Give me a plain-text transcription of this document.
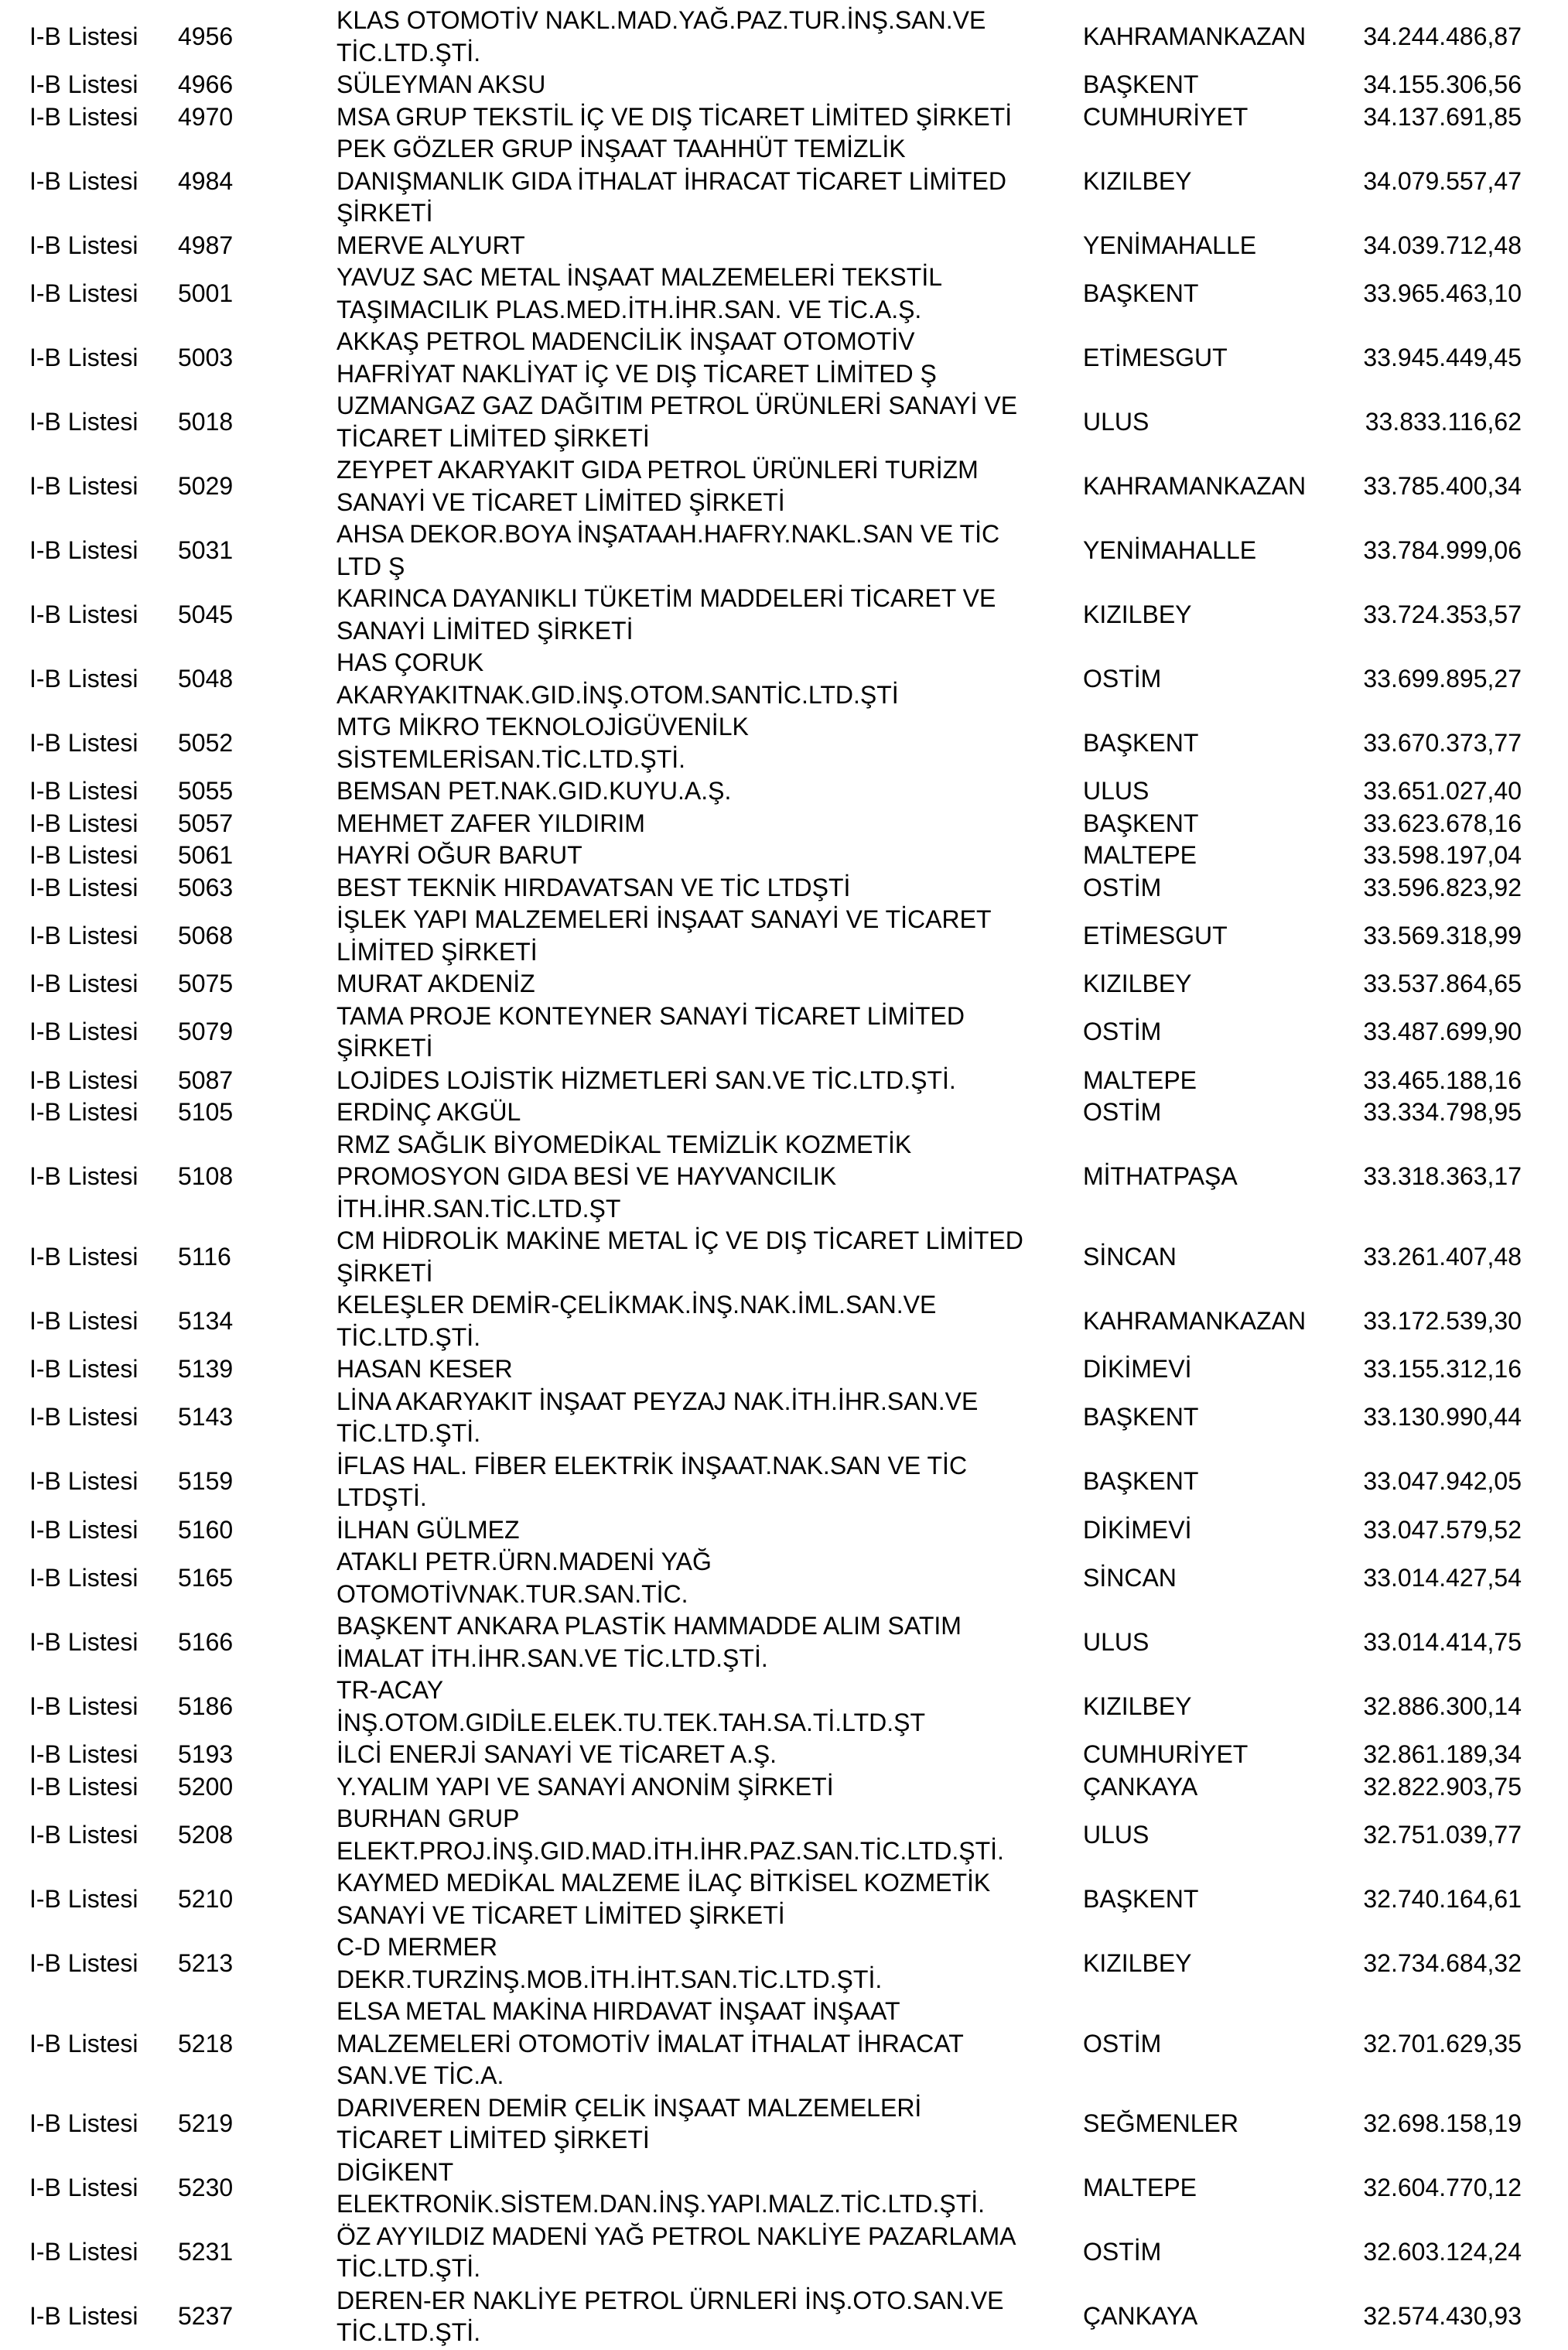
I-B Listesi	4956	KLAS OTOMOTİV NAKL.MAD.YAĞ.PAZ.TUR.İNŞ.SAN.VE
TİC.LTD.ŞTİ.	KAHRAMANKAZAN	34.244.486,87
I-B Listesi	4966	SÜLEYMAN AKSU	BAŞKENT	34.155.306,56
I-B Listesi	4970	MSA GRUP TEKSTİL İÇ VE DIŞ TİCARET LİMİTED ŞİRKETİ	CUMHURİYET	34.137.691,85
I-B Listesi	4984	PEK GÖZLER GRUP İNŞAAT TAAHHÜT TEMİZLİK
DANIŞMANLIK GIDA İTHALAT İHRACAT TİCARET LİMİTED
ŞİRKETİ	KIZILBEY	34.079.557,47
I-B Listesi	4987	MERVE ALYURT	YENİMAHALLE	34.039.712,48
I-B Listesi	5001	YAVUZ SAC METAL İNŞAAT MALZEMELERİ TEKSTİL
TAŞIMACILIK PLAS.MED.İTH.İHR.SAN. VE TİC.A.Ş.	BAŞKENT	33.965.463,10
I-B Listesi	5003	AKKAŞ PETROL MADENCİLİK İNŞAAT OTOMOTİV
HAFRİYAT NAKLİYAT İÇ VE DIŞ TİCARET LİMİTED Ş	ETİMESGUT	33.945.449,45
I-B Listesi	5018	UZMANGAZ GAZ DAĞITIM PETROL ÜRÜNLERİ SANAYİ VE
TİCARET LİMİTED ŞİRKETİ	ULUS	33.833.116,62
I-B Listesi	5029	ZEYPET AKARYAKIT GIDA PETROL ÜRÜNLERİ TURİZM
SANAYİ VE TİCARET LİMİTED ŞİRKETİ	KAHRAMANKAZAN	33.785.400,34
I-B Listesi	5031	AHSA DEKOR.BOYA İNŞATAAH.HAFRY.NAKL.SAN VE TİC
LTD Ş	YENİMAHALLE	33.784.999,06
I-B Listesi	5045	KARINCA DAYANIKLI TÜKETİM MADDELERİ TİCARET VE
SANAYİ LİMİTED ŞİRKETİ	KIZILBEY	33.724.353,57
I-B Listesi	5048	HAS ÇORUK
AKARYAKITNAK.GID.İNŞ.OTOM.SANTİC.LTD.ŞTİ	OSTİM	33.699.895,27
I-B Listesi	5052	MTG MİKRO TEKNOLOJİGÜVENİLK
SİSTEMLERİSAN.TİC.LTD.ŞTİ.	BAŞKENT	33.670.373,77
I-B Listesi	5055	BEMSAN PET.NAK.GID.KUYU.A.Ş.	ULUS	33.651.027,40
I-B Listesi	5057	MEHMET ZAFER YILDIRIM	BAŞKENT	33.623.678,16
I-B Listesi	5061	HAYRİ OĞUR BARUT	MALTEPE	33.598.197,04
I-B Listesi	5063	BEST TEKNİK HIRDAVATSAN VE TİC LTDŞTİ	OSTİM	33.596.823,92
I-B Listesi	5068	İŞLEK YAPI MALZEMELERİ İNŞAAT SANAYİ VE TİCARET
LİMİTED ŞİRKETİ	ETİMESGUT	33.569.318,99
I-B Listesi	5075	MURAT AKDENİZ	KIZILBEY	33.537.864,65
I-B Listesi	5079	TAMA PROJE KONTEYNER SANAYİ TİCARET LİMİTED
ŞİRKETİ	OSTİM	33.487.699,90
I-B Listesi	5087	LOJİDES LOJİSTİK HİZMETLERİ SAN.VE TİC.LTD.ŞTİ.	MALTEPE	33.465.188,16
I-B Listesi	5105	ERDİNÇ AKGÜL	OSTİM	33.334.798,95
I-B Listesi	5108	RMZ SAĞLIK BİYOMEDİKAL TEMİZLİK KOZMETİK
PROMOSYON GIDA BESİ VE HAYVANCILIK
İTH.İHR.SAN.TİC.LTD.ŞT	MİTHATPAŞA	33.318.363,17
I-B Listesi	5116	CM HİDROLİK MAKİNE METAL İÇ VE DIŞ TİCARET LİMİTED
ŞİRKETİ	SİNCAN	33.261.407,48
I-B Listesi	5134	KELEŞLER DEMİR-ÇELİKMAK.İNŞ.NAK.İML.SAN.VE
TİC.LTD.ŞTİ.	KAHRAMANKAZAN	33.172.539,30
I-B Listesi	5139	HASAN KESER	DİKİMEVİ	33.155.312,16
I-B Listesi	5143	LİNA AKARYAKIT İNŞAAT PEYZAJ NAK.İTH.İHR.SAN.VE
TİC.LTD.ŞTİ.	BAŞKENT	33.130.990,44
I-B Listesi	5159	İFLAS HAL. FİBER ELEKTRİK İNŞAAT.NAK.SAN VE TİC
LTDŞTİ.	BAŞKENT	33.047.942,05
I-B Listesi	5160	İLHAN GÜLMEZ	DİKİMEVİ	33.047.579,52
I-B Listesi	5165	ATAKLI PETR.ÜRN.MADENİ YAĞ
OTOMOTİVNAK.TUR.SAN.TİC.	SİNCAN	33.014.427,54
I-B Listesi	5166	BAŞKENT ANKARA PLASTİK HAMMADDE ALIM SATIM
İMALAT İTH.İHR.SAN.VE TİC.LTD.ŞTİ.	ULUS	33.014.414,75
I-B Listesi	5186	TR-ACAY
İNŞ.OTOM.GIDİLE.ELEK.TU.TEK.TAH.SA.Tİ.LTD.ŞT	KIZILBEY	32.886.300,14
I-B Listesi	5193	İLCİ ENERJİ SANAYİ VE TİCARET A.Ş.	CUMHURİYET	32.861.189,34
I-B Listesi	5200	Y.YALIM YAPI VE SANAYİ ANONİM ŞİRKETİ	ÇANKAYA	32.822.903,75
I-B Listesi	5208	BURHAN GRUP
ELEKT.PROJ.İNŞ.GID.MAD.İTH.İHR.PAZ.SAN.TİC.LTD.ŞTİ.	ULUS	32.751.039,77
I-B Listesi	5210	KAYMED MEDİKAL MALZEME İLAÇ BİTKİSEL KOZMETİK
SANAYİ VE TİCARET LİMİTED ŞİRKETİ	BAŞKENT	32.740.164,61
I-B Listesi	5213	C-D MERMER
DEKR.TURZİNŞ.MOB.İTH.İHT.SAN.TİC.LTD.ŞTİ.	KIZILBEY	32.734.684,32
I-B Listesi	5218	ELSA METAL MAKİNA HIRDAVAT İNŞAAT İNŞAAT
MALZEMELERİ OTOMOTİV İMALAT İTHALAT İHRACAT
SAN.VE TİC.A.	OSTİM	32.701.629,35
I-B Listesi	5219	DARIVEREN DEMİR ÇELİK İNŞAAT MALZEMELERİ
TİCARET LİMİTED ŞİRKETİ	SEĞMENLER	32.698.158,19
I-B Listesi	5230	DİGİKENT
ELEKTRONİK.SİSTEM.DAN.İNŞ.YAPI.MALZ.TİC.LTD.ŞTİ.	MALTEPE	32.604.770,12
I-B Listesi	5231	ÖZ AYYILDIZ MADENİ YAĞ PETROL NAKLİYE PAZARLAMA
TİC.LTD.ŞTİ.	OSTİM	32.603.124,24
I-B Listesi	5237	DEREN-ER NAKLİYE PETROL ÜRNLERİ İNŞ.OTO.SAN.VE
TİC.LTD.ŞTİ.	ÇANKAYA	32.574.430,93
